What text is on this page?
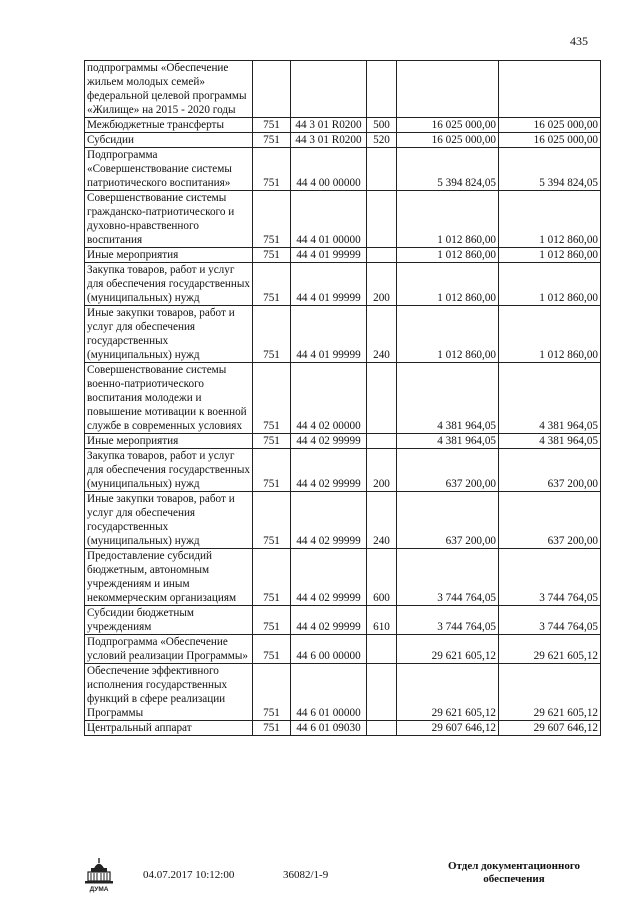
435
подпрограммы «Обеспечение жильем молодых семей» федеральной целевой программы «Жилище» на 2015 - 2020 годы					
Межбюджетные трансферты	751	44 3 01 R0200	500	16 025 000,00	16 025 000,00
Субсидии	751	44 3 01 R0200	520	16 025 000,00	16 025 000,00
Подпрограмма «Совершенствование системы патриотического воспитания»	751	44 4 00 00000		5 394 824,05	5 394 824,05
Совершенствование системы гражданско-патриотического и духовно-нравственного воспитания	751	44 4 01 00000		1 012 860,00	1 012 860,00
Иные мероприятия	751	44 4 01 99999		1 012 860,00	1 012 860,00
Закупка товаров, работ и услуг для обеспечения государственных (муниципальных) нужд	751	44 4 01 99999	200	1 012 860,00	1 012 860,00
Иные закупки товаров, работ и услуг для обеспечения государственных (муниципальных) нужд	751	44 4 01 99999	240	1 012 860,00	1 012 860,00
Совершенствование системы военно-патриотического воспитания молодежи и повышение мотивации к военной службе в современных условиях	751	44 4 02 00000		4 381 964,05	4 381 964,05
Иные мероприятия	751	44 4 02 99999		4 381 964,05	4 381 964,05
Закупка товаров, работ и услуг для обеспечения государственных (муниципальных) нужд	751	44 4 02 99999	200	637 200,00	637 200,00
Иные закупки товаров, работ и услуг для обеспечения государственных (муниципальных) нужд	751	44 4 02 99999	240	637 200,00	637 200,00
Предоставление субсидий бюджетным, автономным учреждениям и иным некоммерческим организациям	751	44 4 02 99999	600	3 744 764,05	3 744 764,05
Субсидии бюджетным учреждениям	751	44 4 02 99999	610	3 744 764,05	3 744 764,05
Подпрограмма «Обеспечение условий реализации Программы»	751	44 6 00 00000		29 621 605,12	29 621 605,12
Обеспечение эффективного исполнения государственных функций в сфере реализации Программы	751	44 6 01 00000		29 621 605,12	29 621 605,12
Центральный аппарат	751	44 6 01 09030		29 607 646,12	29 607 646,12
ДУМА
04.07.2017 10:12:00	36082/1-9
Отдел документационного
обеспечения
